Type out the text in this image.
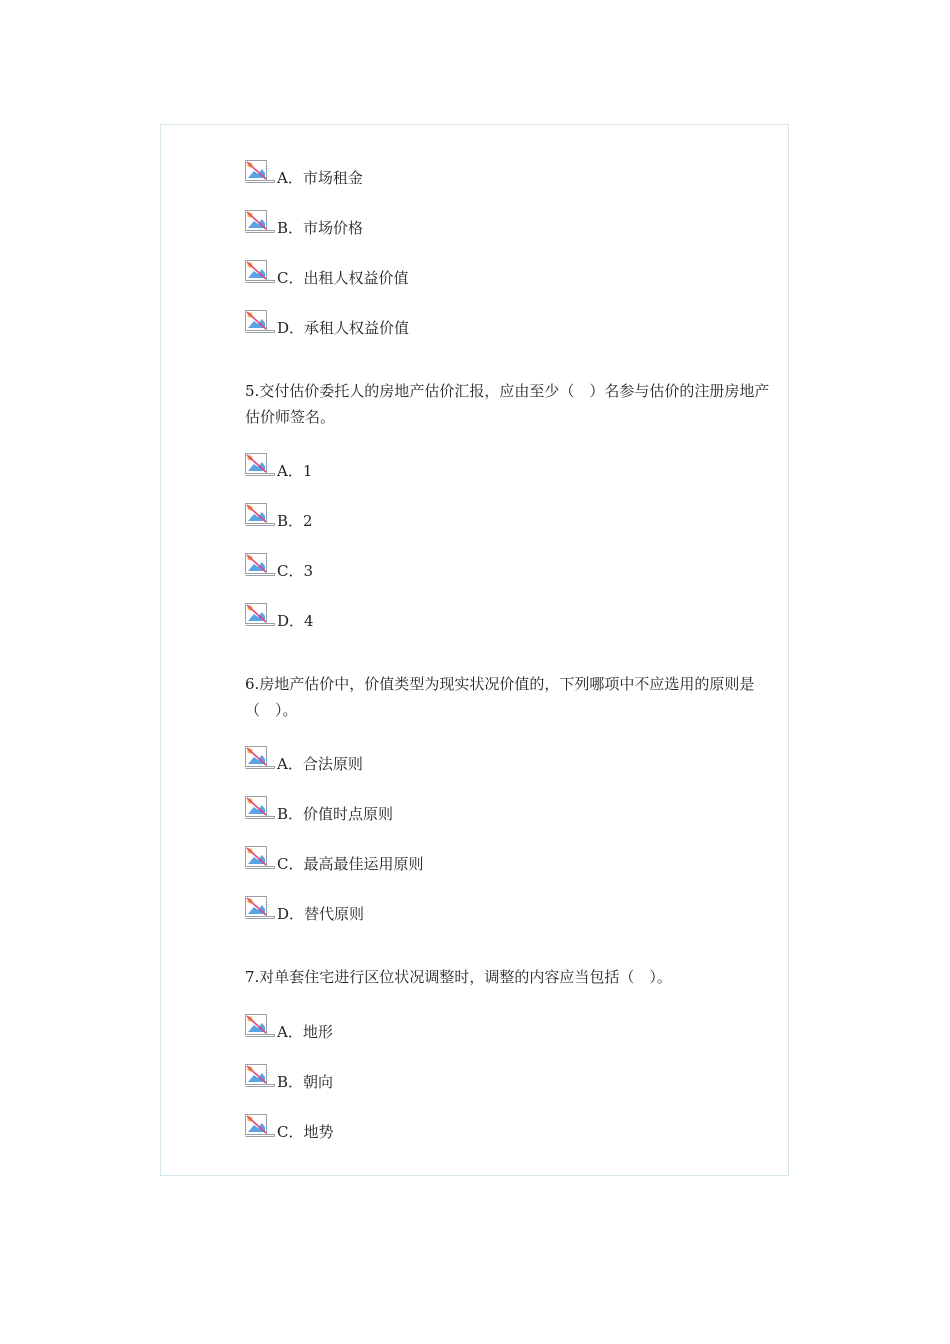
A．市场租金
B．市场价格
C．出租人权益价值
D．承租人权益价值
5.交付估价委托人的房地产估价汇报，应由至少（　）名参与估价的注册房地产估价师签名。
A．1
B．2
C．3
D．4
6.房地产估价中，价值类型为现实状况价值的，下列哪项中不应选用的原则是（　）。
A．合法原则
B．价值时点原则
C．最高最佳运用原则
D．替代原则
7.对单套住宅进行区位状况调整时，调整的内容应当包括（　）。
A．地形
B．朝向
C．地势
